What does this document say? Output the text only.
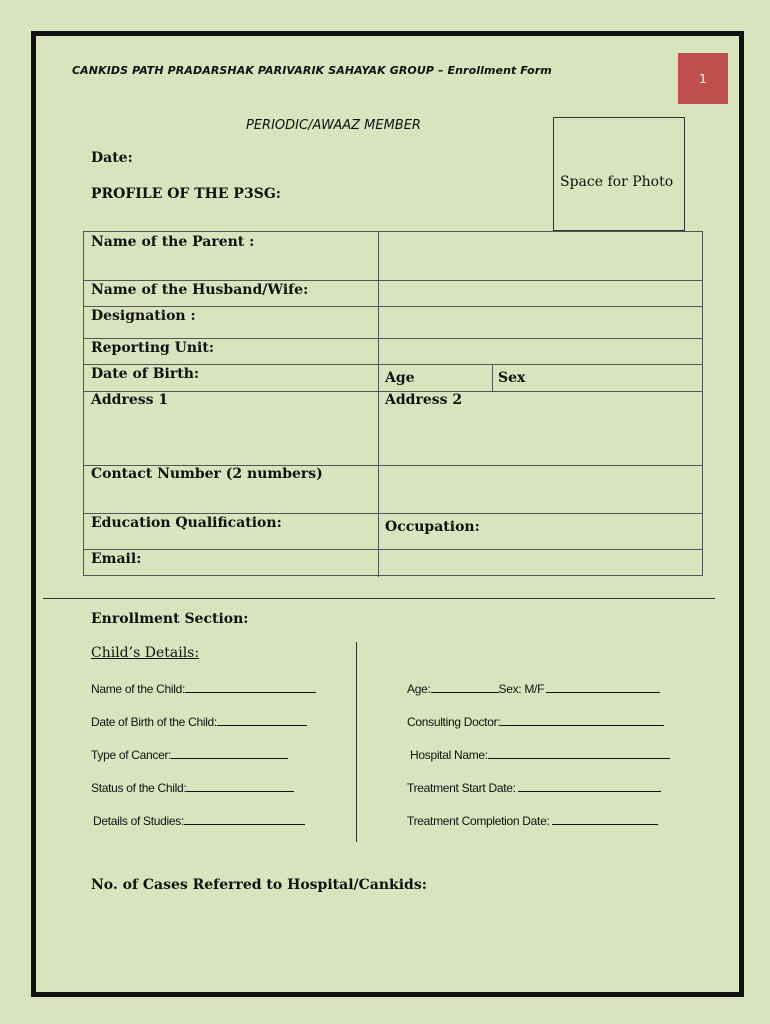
CANKIDS PATH PRADARSHAK PARIVARIK SAHAYAK GROUP – Enrollment Form
1
PERIODIC/AWAAZ MEMBER
Space for Photo
Date:
PROFILE OF THE P3SG:
Name of the Parent :
Name of the Husband/Wife:
Designation :
Reporting Unit:
Date of Birth:	Age	Sex
Address 1	Address 2
Contact Number (2 numbers)
Education Qualification:	Occupation:
Email:
Enrollment Section:
Child’s Details:
Name of the Child:
Date of Birth of the Child:
Type of Cancer:
Status of the Child:
Details of Studies:
Age:	Sex: M/F
Consulting Doctor:
Hospital Name:
Treatment Start Date:
Treatment Completion Date:
No. of Cases Referred to Hospital/Cankids:
